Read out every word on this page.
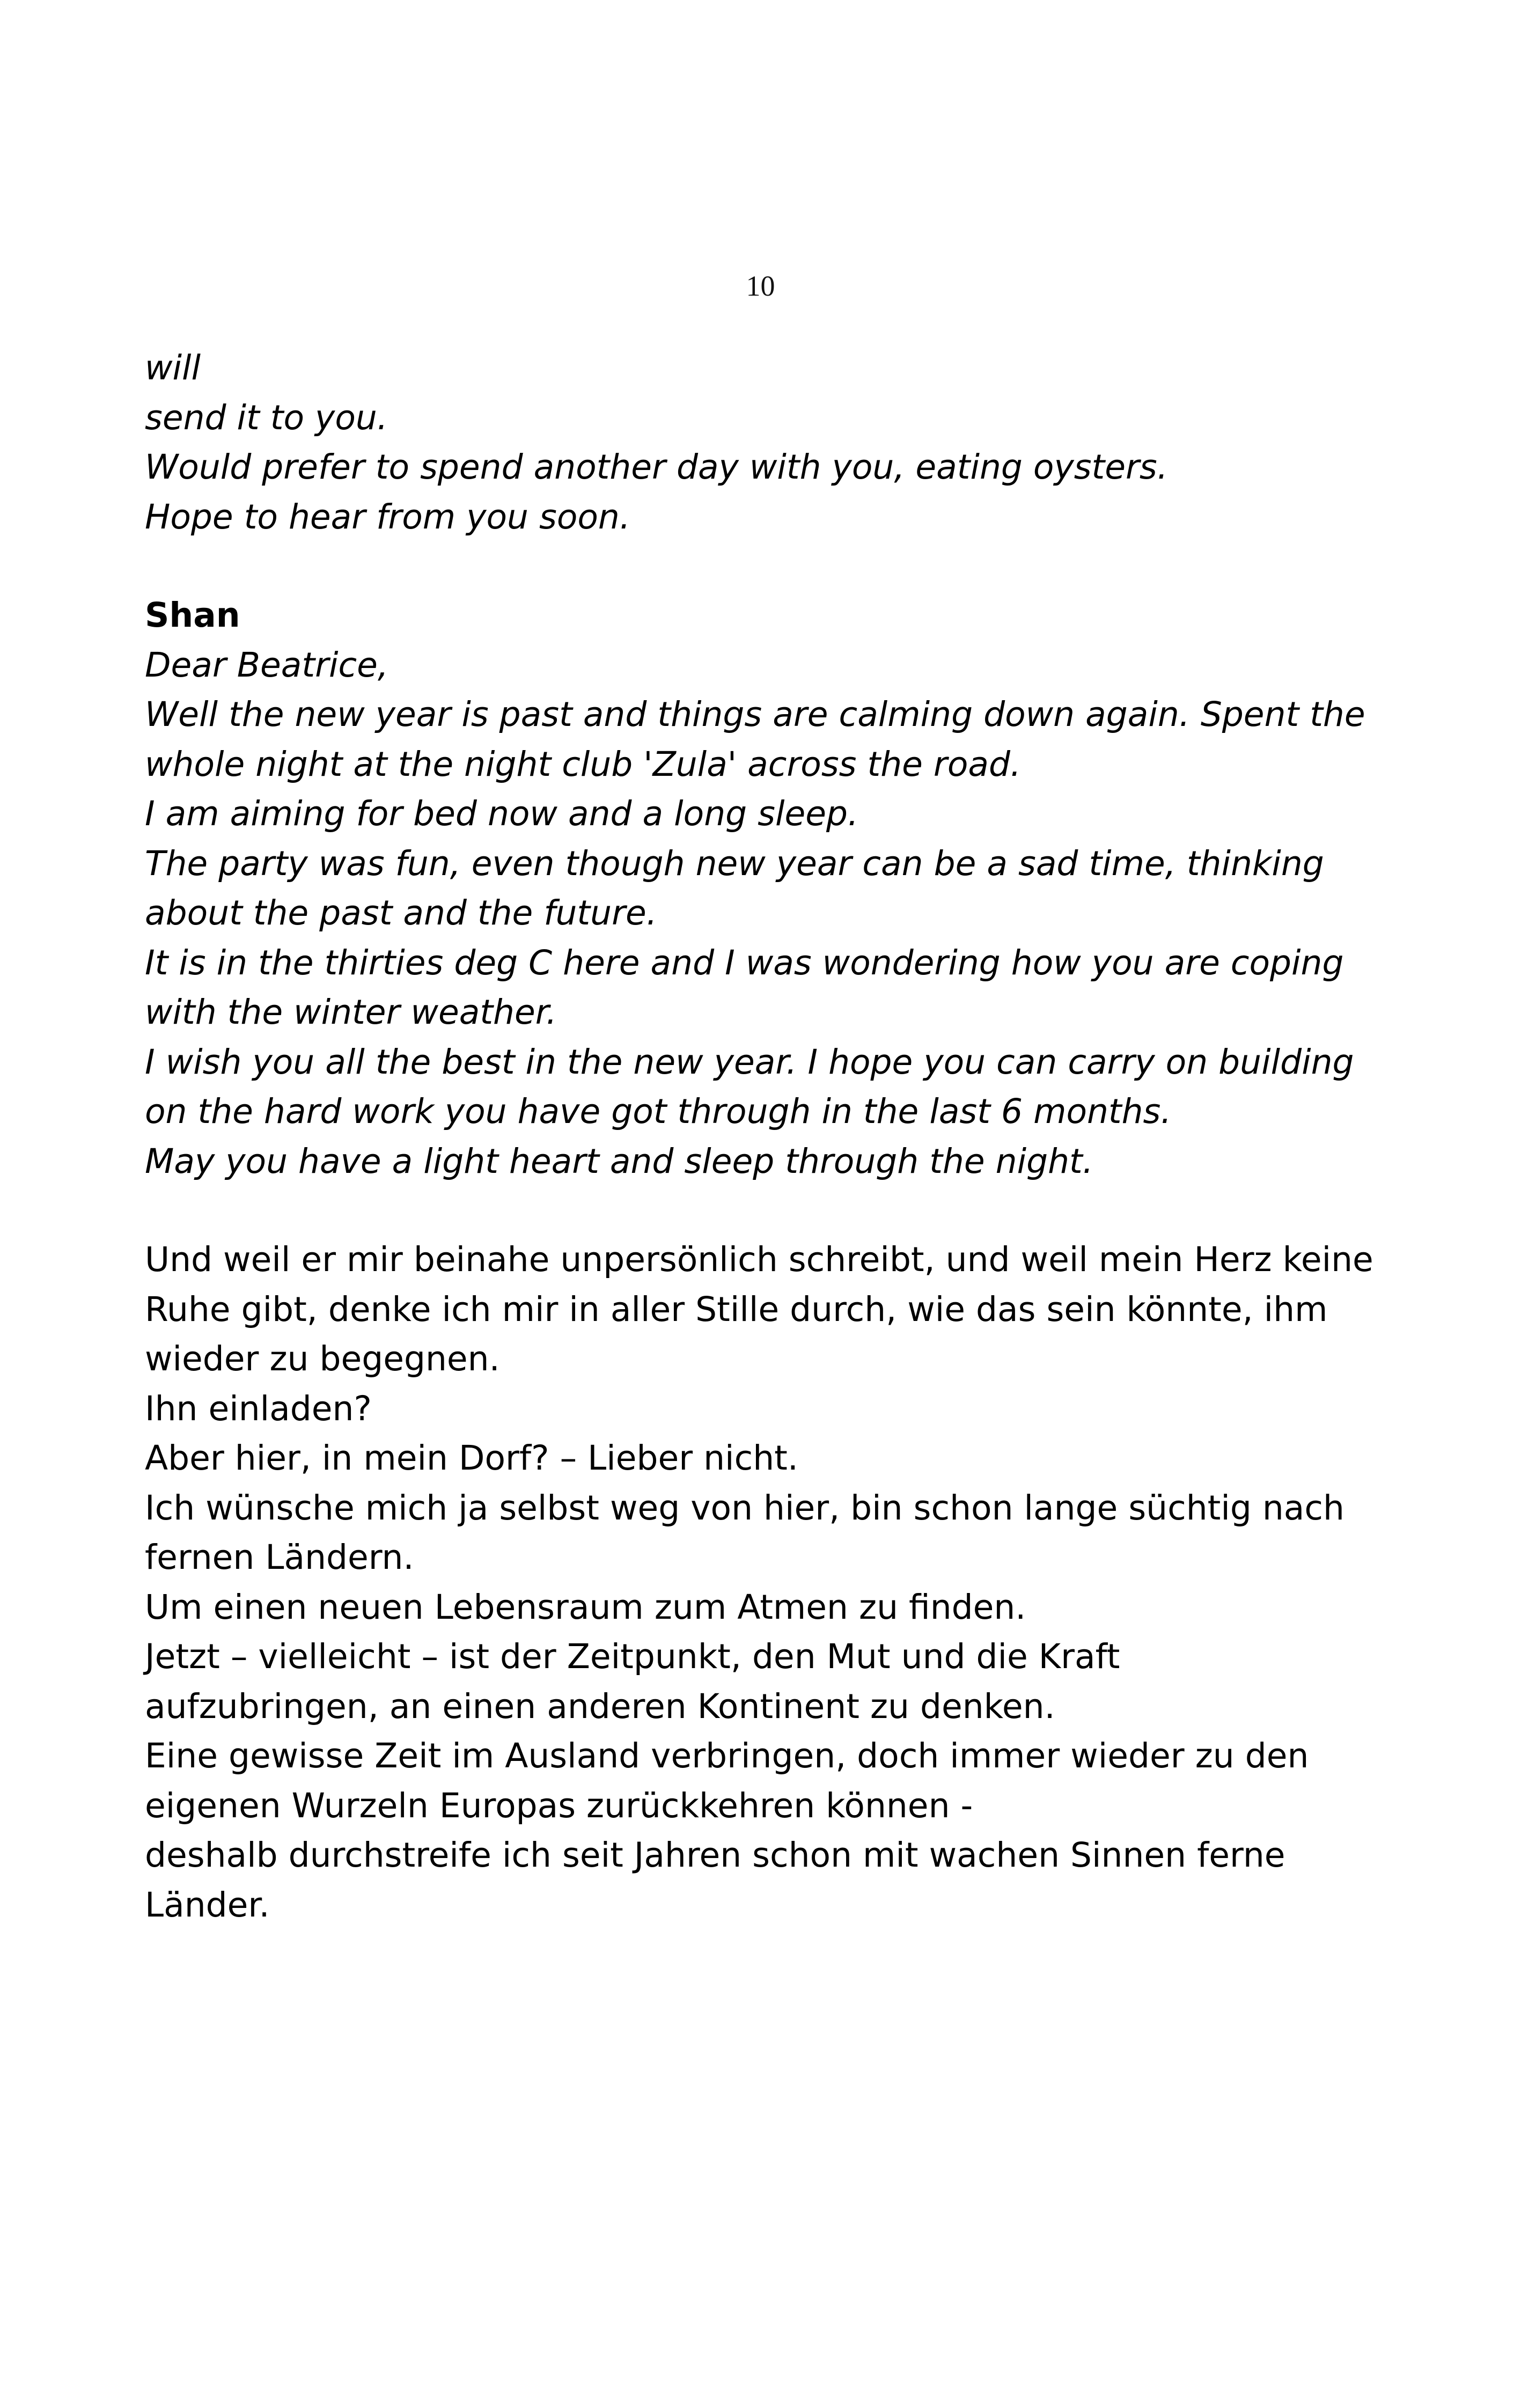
10
will
send it to you.
Would prefer to spend another day with you, eating oysters.
Hope to hear from you soon.
Shan
Dear Beatrice,
Well the new year is past and things are calming down again. Spent the
whole night at the night club 'Zula' across the road.
I am aiming for bed now and a long sleep.
The party was fun, even though new year can be a sad time, thinking
about the past and the future.
It is in the thirties deg C here and I was wondering how you are coping
with the winter weather.
I wish you all the best in the new year. I hope you can carry on building
on the hard work you have got through in the last 6 months.
May you have a light heart and sleep through the night.
Und weil er mir beinahe unpersönlich schreibt, und weil mein Herz keine
Ruhe gibt, denke ich mir in aller Stille durch, wie das sein könnte, ihm
wieder zu begegnen.
Ihn einladen?
Aber hier, in mein Dorf? – Lieber nicht.
Ich wünsche mich ja selbst weg von hier, bin schon lange süchtig nach
fernen Ländern.
Um einen neuen Lebensraum zum Atmen zu finden.
Jetzt – vielleicht – ist der Zeitpunkt, den Mut und die Kraft
aufzubringen, an einen anderen Kontinent zu denken.
Eine gewisse Zeit im Ausland verbringen, doch immer wieder zu den
eigenen Wurzeln Europas zurückkehren können -
deshalb durchstreife ich seit Jahren schon mit wachen Sinnen ferne
Länder.
